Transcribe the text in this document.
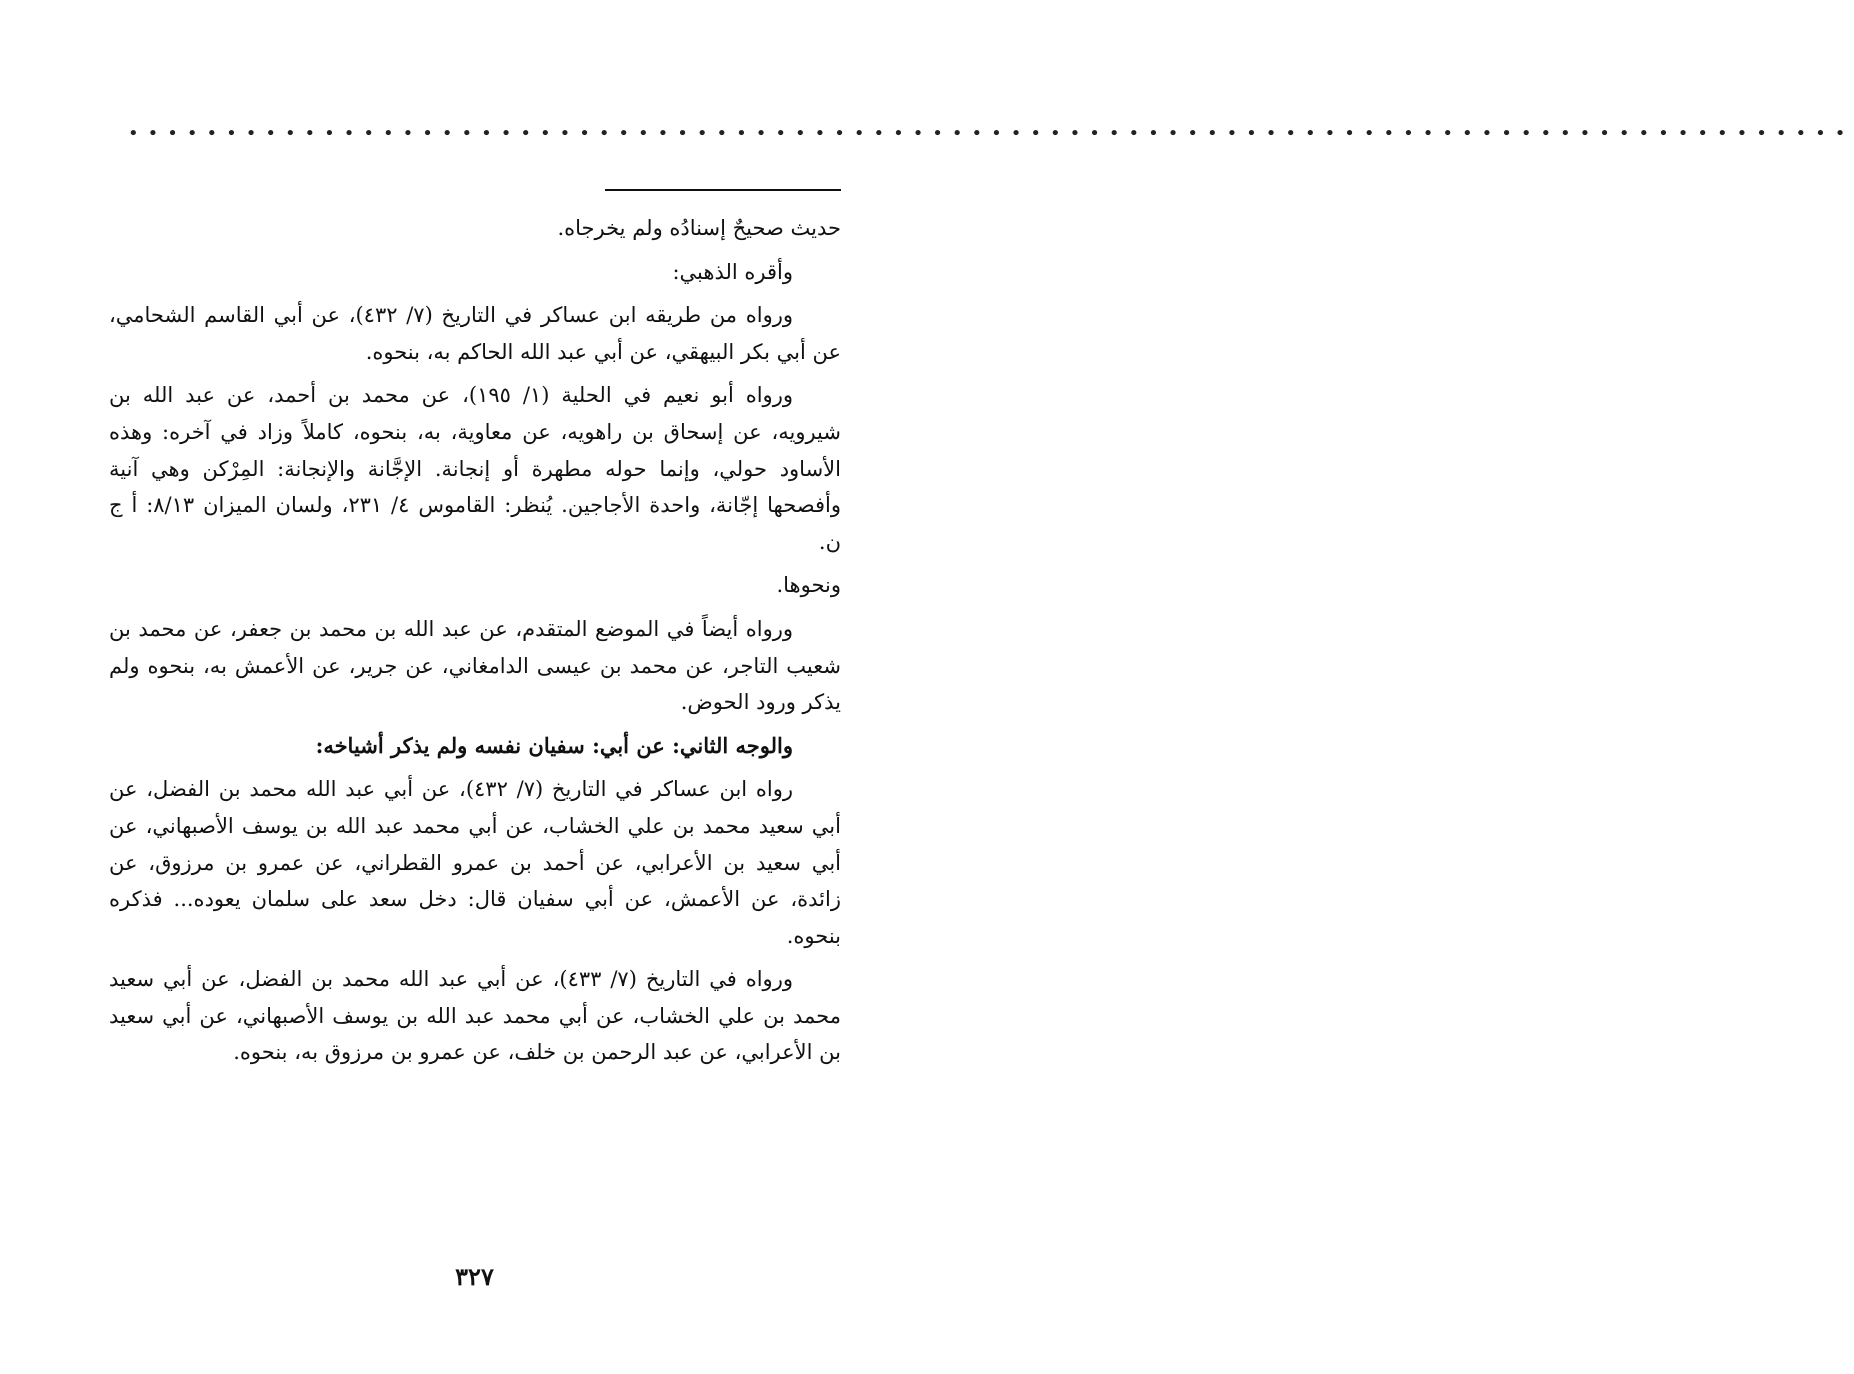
••••••••••••••••••••••••••••••••••••••••••••••••••••••••••••••••••••••••••••••••••••••••

حديث صحيحٌ إسنادُه ولم يخرجاه.

وأقره الذهبي:

ورواه من طريقه ابن عساكر في التاريخ (٧/ ٤٣٢)، عن أبي القاسم الشحامي، عن أبي بكر البيهقي، عن أبي عبد الله الحاكم به، بنحوه.

ورواه أبو نعيم في الحلية (١/ ١٩٥)، عن محمد بن أحمد، عن عبد الله بن شيرويه، عن إسحاق بن راهويه، عن معاوية، به، بنحوه، كاملاً وزاد في آخره: وهذه الأساود حولي، وإنما حوله مطهرة أو إنجانة. الإجَّانة والإنجانة: المِرْكن وهي آنية وأفصحها إجّانة، واحدة الأجاجين. يُنظر: القاموس ٤/ ٢٣١، ولسان الميزان ٨/١٣: أ ج ن.

ونحوها.

ورواه أيضاً في الموضع المتقدم، عن عبد الله بن محمد بن جعفر، عن محمد بن شعيب التاجر، عن محمد بن عيسى الدامغاني، عن جرير، عن الأعمش به، بنحوه ولم يذكر ورود الحوض.

والوجه الثاني: عن أبي: سفيان نفسه ولم يذكر أشياخه:

رواه ابن عساكر في التاريخ (٧/ ٤٣٢)، عن أبي عبد الله محمد بن الفضل، عن أبي سعيد محمد بن علي الخشاب، عن أبي محمد عبد الله بن يوسف الأصبهاني، عن أبي سعيد بن الأعرابي، عن أحمد بن عمرو القطراني، عن عمرو بن مرزوق، عن زائدة، عن الأعمش، عن أبي سفيان قال: دخل سعد على سلمان يعوده... فذكره بنحوه.

ورواه في التاريخ (٧/ ٤٣٣)، عن أبي عبد الله محمد بن الفضل، عن أبي سعيد محمد بن علي الخشاب، عن أبي محمد عبد الله بن يوسف الأصبهاني، عن أبي سعيد بن الأعرابي، عن عبد الرحمن بن خلف، عن عمرو بن مرزوق به، بنحوه.

٣٢٧
